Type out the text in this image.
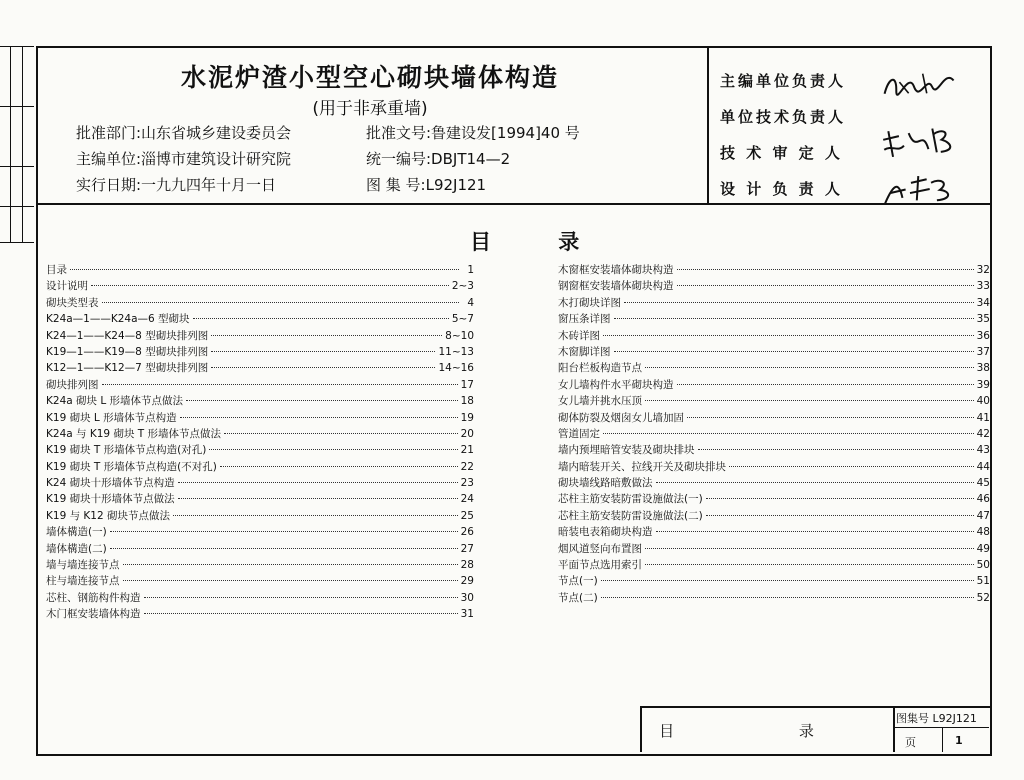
水泥炉渣小型空心砌块墙体构造
(用于非承重墙)
批准部门:山东省城乡建设委员会
主编单位:淄博市建筑设计研究院
实行日期:一九九四年十月一日
批准文号:鲁建设发[1994]40 号
统一编号:DBJT14—2
图 集 号:L92J121
主编单位负责人
单位技术负责人
技 术 审 定 人
设 计 负 责 人
目 录
目录	1
设计说明	2~3
砌块类型表	4
K24a—1——K24a—6 型砌块	5~7
K24—1——K24—8 型砌块排列图	8~10
K19—1——K19—8 型砌块排列图	11~13
K12—1——K12—7 型砌块排列图	14~16
砌块排列图	17
K24a 砌块 L 形墙体节点做法	18
K19 砌块 L 形墙体节点构造	19
K24a 与 K19 砌块 T 形墙体节点做法	20
K19 砌块 T 形墙体节点构造(对孔)	21
K19 砌块 T 形墙体节点构造(不对孔)	22
K24 砌块十形墙体节点构造	23
K19 砌块十形墙体节点做法	24
K19 与 K12 砌块节点做法	25
墙体構造(一)	26
墙体構造(二)	27
墙与墙连接节点	28
柱与墙连接节点	29
芯柱、钢筋构件构造	30
木门框安装墙体构造	31
木窗框安装墙体砌块构造	32
钢窗框安装墙体砌块构造	33
木打砌块详图	34
窗压条详图	35
木砖详图	36
木窗脚详图	37
阳台栏板构造节点	38
女儿墙构件水平砌块构造	39
女儿墙并挑水压顶	40
砌体防裂及烟囱女儿墙加固	41
管道固定	42
墙内预埋暗管安装及砌块排块	43
墙内暗装开关、拉线开关及砌块排块	44
砌块墙线路暗敷做法	45
芯柱主筋安装防雷设施做法(一)	46
芯柱主筋安装防雷设施做法(二)	47
暗装电表箱砌块构造	48
烟风道竖向布置图	49
平面节点选用索引	50
节点(一)	51
节点(二)	52
目 录
图集号 L92J121
页	1
